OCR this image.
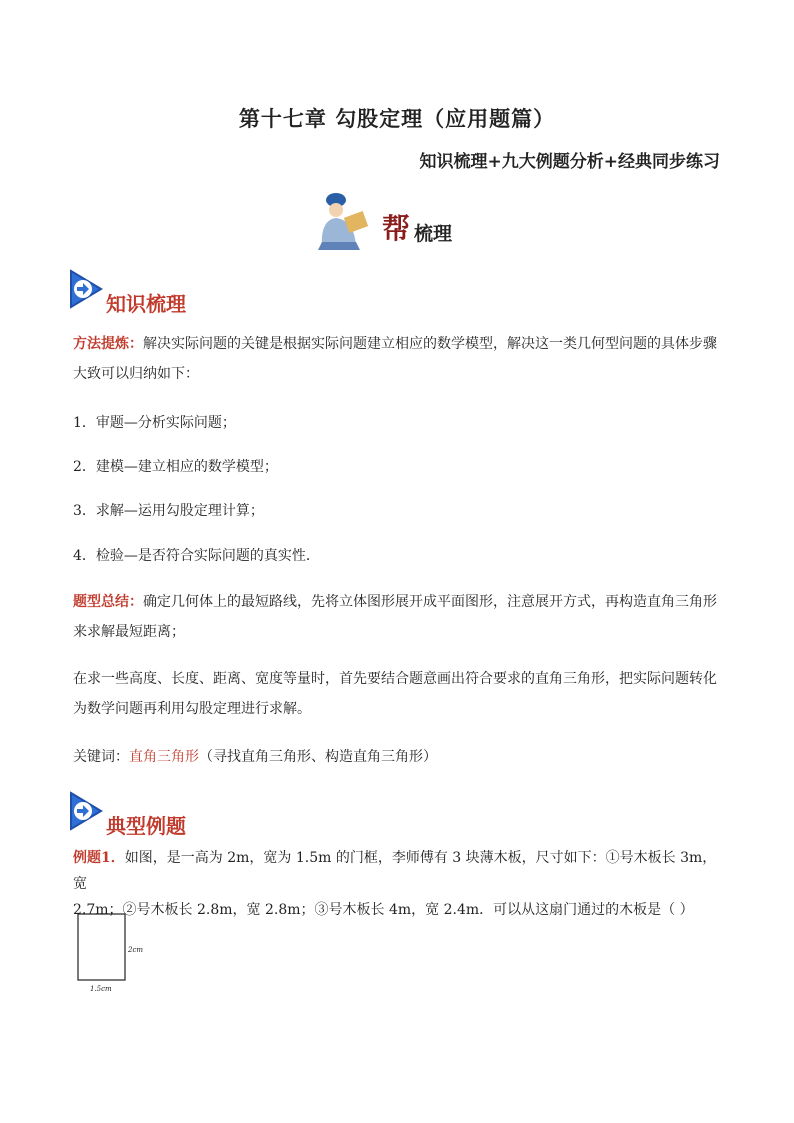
第十七章 勾股定理（应用题篇）
知识梳理+九大例题分析+经典同步练习
帮 梳理
知识梳理
方法提炼：解决实际问题的关键是根据实际问题建立相应的数学模型，解决这一类几何型问题的具体步骤
大致可以归纳如下：
1．审题—分析实际问题；
2．建模—建立相应的数学模型；
3．求解—运用勾股定理计算；
4．检验—是否符合实际问题的真实性．
题型总结：确定几何体上的最短路线，先将立体图形展开成平面图形，注意展开方式，再构造直角三角形
来求解最短距离；
在求一些高度、长度、距离、宽度等量时，首先要结合题意画出符合要求的直角三角形，把实际问题转化
为数学问题再利用勾股定理进行求解。
关键词：直角三角形（寻找直角三角形、构造直角三角形）
典型例题
例题1．如图，是一高为 2m，宽为 1.5m 的门框，李师傅有 3 块薄木板，尺寸如下：①号木板长 3m，宽
2.7m；②号木板长 2.8m，宽 2.8m；③号木板长 4m，宽 2.4m．可以从这扇门通过的木板是（ ）
2cm
1.5cm
